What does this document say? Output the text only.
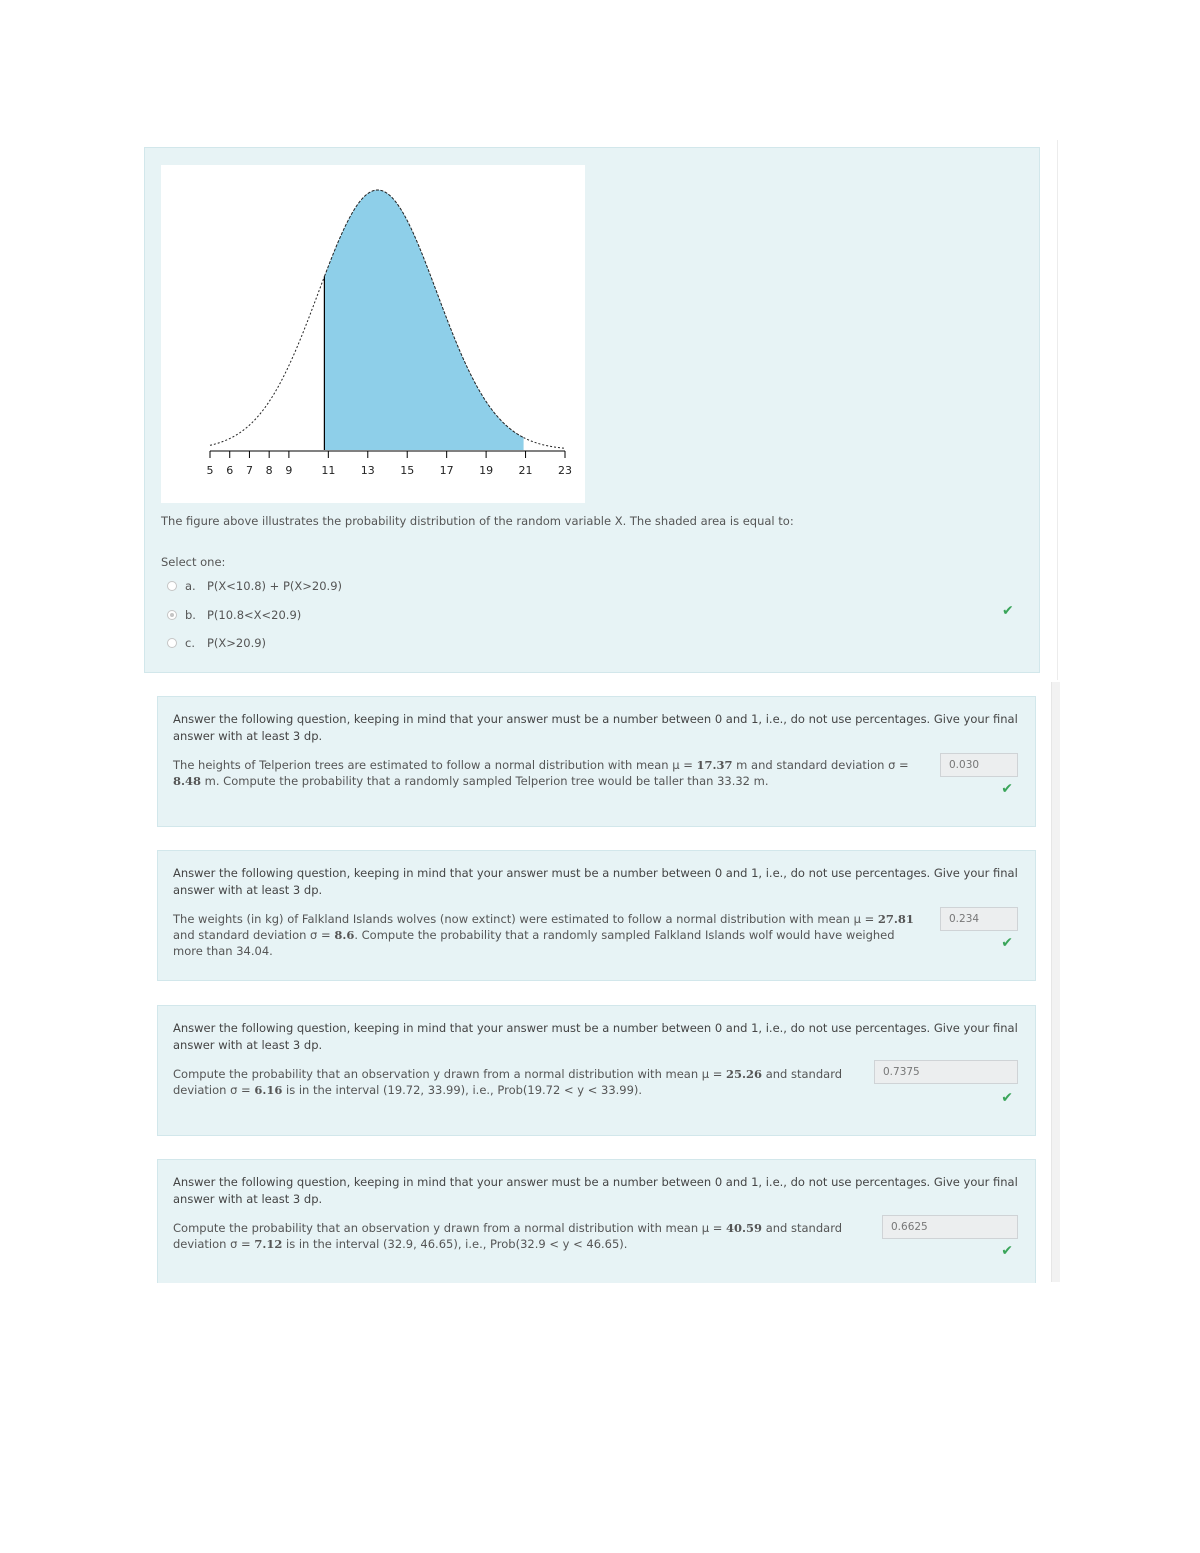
5 6 7 8 9	11 13 15 17 19 21 23
The figure above illustrates the probability distribution of the random variable X. The shaded area is equal to:
Select one:
a. P(X<10.8) + P(X>20.9)
b. P(10.8<X<20.9)
c.	P(X>20.9)
✔
Answer the following question, keeping in mind that your answer must be a number between 0 and 1, i.e., do not use percentages. Give your final answer with at least 3 dp.
The heights of Telperion trees are estimated to follow a normal distribution with mean μ = 17.37 m and standard deviation σ = 8.48 m. Compute the probability that a randomly sampled Telperion tree would be taller than 33.32 m.
0.030
✔
Answer the following question, keeping in mind that your answer must be a number between 0 and 1, i.e., do not use percentages. Give your final answer with at least 3 dp.
The weights (in kg) of Falkland Islands wolves (now extinct) were estimated to follow a normal distribution with mean μ = 27.81 and standard deviation σ = 8.6. Compute the probability that a randomly sampled Falkland Islands wolf would have weighed more than 34.04.
0.234
✔
Answer the following question, keeping in mind that your answer must be a number between 0 and 1, i.e., do not use percentages. Give your final answer with at least 3 dp.
Compute the probability that an observation y drawn from a normal distribution with mean μ = 25.26 and standard deviation σ = 6.16 is in the interval (19.72, 33.99), i.e., Prob(19.72 < y < 33.99).
0.7375
✔
Answer the following question, keeping in mind that your answer must be a number between 0 and 1, i.e., do not use percentages. Give your final answer with at least 3 dp.
Compute the probability that an observation y drawn from a normal distribution with mean μ = 40.59 and standard deviation σ = 7.12 is in the interval (32.9, 46.65), i.e., Prob(32.9 < y < 46.65).
0.6625
✔
